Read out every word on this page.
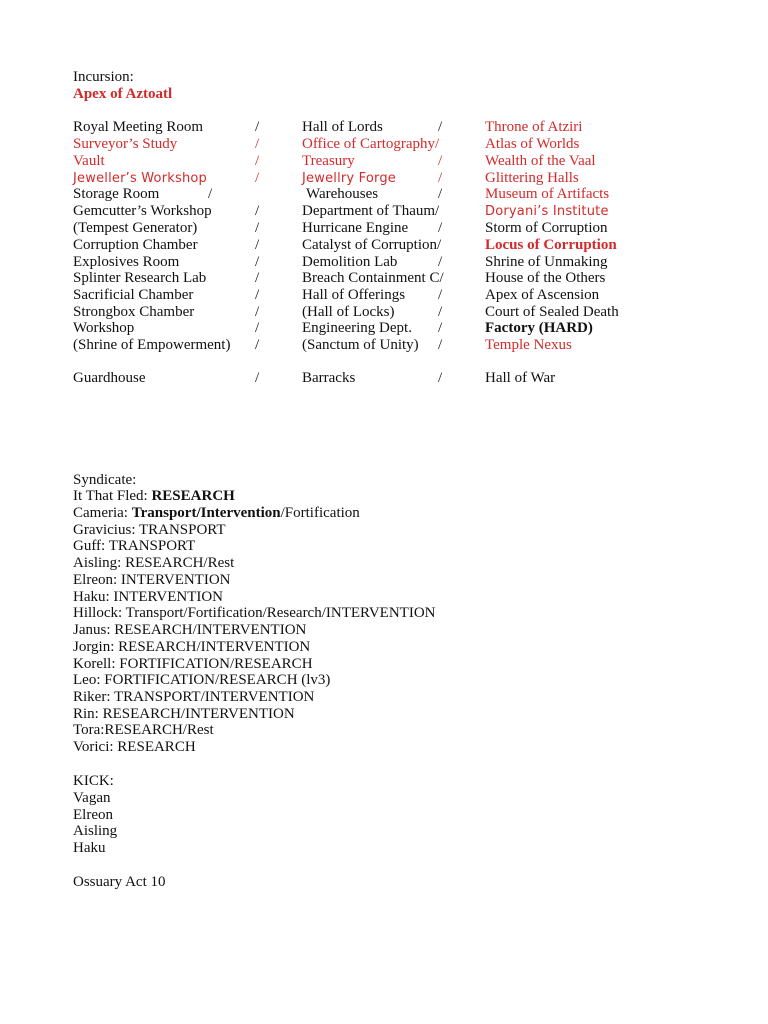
Incursion:
Apex of Aztoatl
Royal Meeting Room	/	Hall of Lords	/	Throne of Atziri
Surveyor’s Study	/	Office of Cartography/	Atlas of Worlds
Vault	/	Treasury	/	Wealth of the Vaal
Jeweller’s Workshop	/	Jewellry Forge	/	Glittering Halls
Storage Room	/	Warehouses	/	Museum of Artifacts
Gemcutter’s Workshop	/	Department of Thaum/	Doryani’s Institute
(Tempest Generator)	/	Hurricane Engine /	Storm of Corruption
Corruption Chamber	/	Catalyst of Corruption/	Locus of Corruption
Explosives Room	/	Demolition Lab	/	Shrine of Unmaking
Splinter Research Lab	/	Breach Containment C/	House of the Others
Sacrificial Chamber	/	Hall of Offerings /	Apex of Ascension
Strongbox Chamber	/	(Hall of Locks)	/	Court of Sealed Death
Workshop	/	Engineering Dept. /	Factory (HARD)
(Shrine of Empowerment) /	(Sanctum of Unity) /	Temple Nexus
Guardhouse	/	Barracks	/	Hall of War
Syndicate:
It That Fled: RESEARCH
Cameria: Transport/Intervention/Fortification
Gravicius: TRANSPORT
Guff: TRANSPORT
Aisling: RESEARCH/Rest
Elreon: INTERVENTION
Haku: INTERVENTION
Hillock: Transport/Fortification/Research/INTERVENTION
Janus: RESEARCH/INTERVENTION
Jorgin: RESEARCH/INTERVENTION
Korell: FORTIFICATION/RESEARCH
Leo: FORTIFICATION/RESEARCH (lv3)
Riker: TRANSPORT/INTERVENTION
Rin: RESEARCH/INTERVENTION
Tora:RESEARCH/Rest
Vorici: RESEARCH
KICK:
Vagan
Elreon
Aisling
Haku
Ossuary Act 10
